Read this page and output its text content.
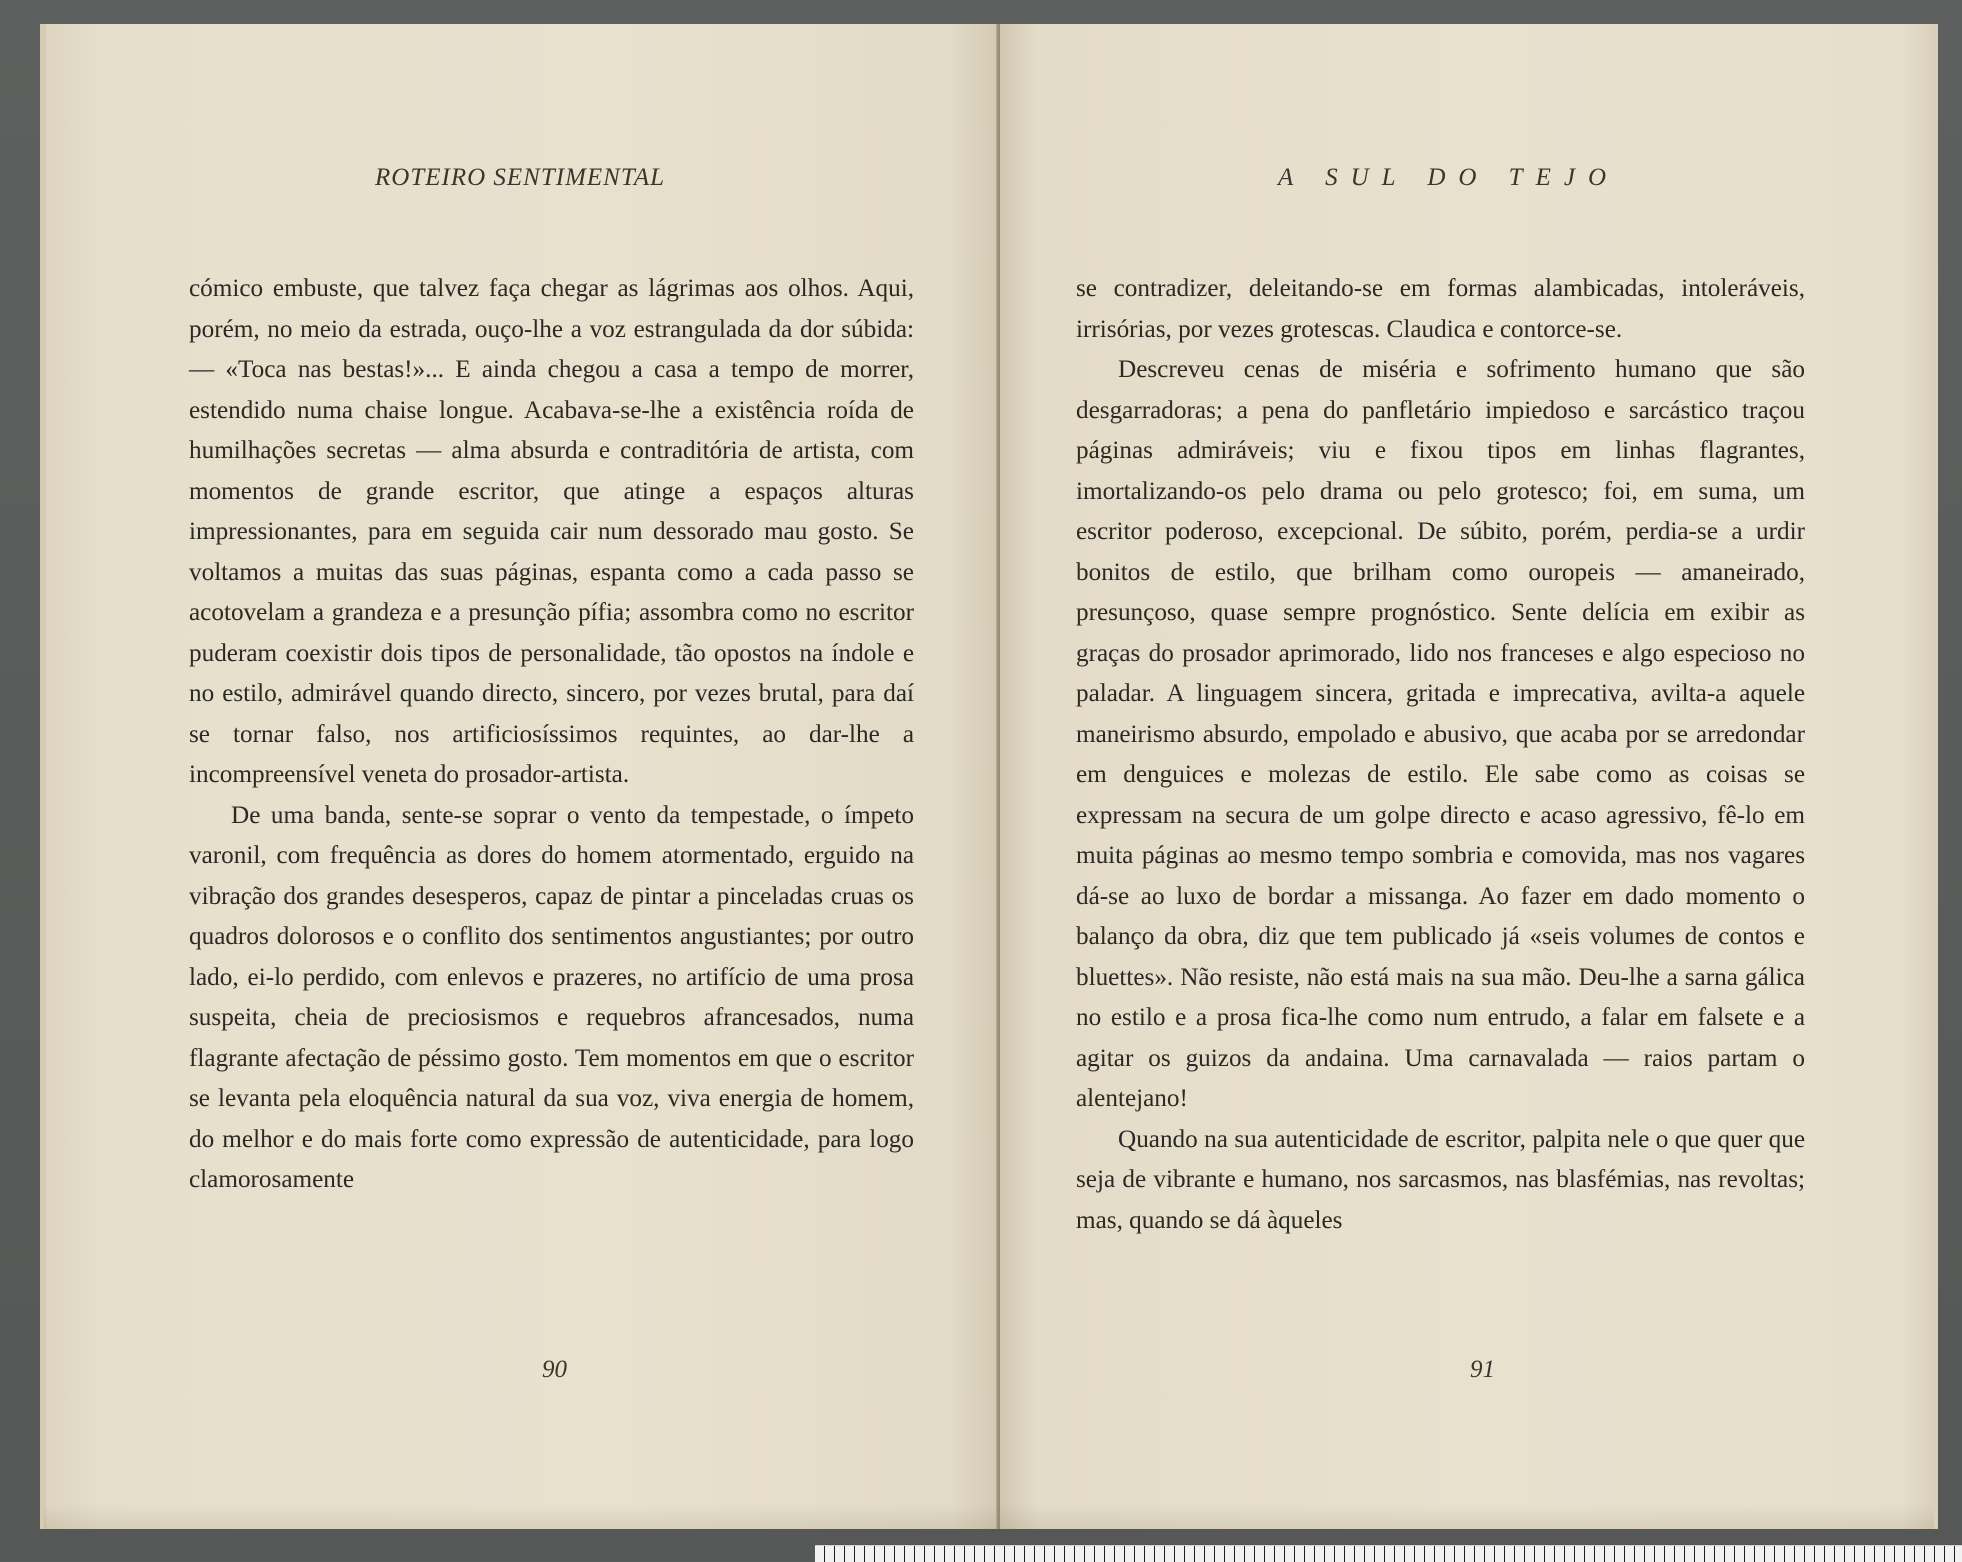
ROTEIRO SENTIMENTAL

cómico embuste, que talvez faça chegar as lágrimas aos olhos. Aqui, porém, no meio da estrada, ouço-lhe a voz estrangulada da dor súbida: — «Toca nas bestas!»... E ainda chegou a casa a tempo de morrer, estendido numa chaise longue. Acabava-se-lhe a existência roída de humilhações secretas — alma absurda e contraditória de artista, com momentos de grande escritor, que atinge a espaços alturas impressionantes, para em seguida cair num dessorado mau gosto. Se voltamos a muitas das suas páginas, espanta como a cada passo se acotovelam a grandeza e a presunção pífia; assombra como no escritor puderam coexistir dois tipos de personalidade, tão opostos na índole e no estilo, admirável quando directo, sincero, por vezes brutal, para daí se tornar falso, nos artificiosíssimos requintes, ao dar-lhe a incompreensível veneta do prosador-artista.

De uma banda, sente-se soprar o vento da tempestade, o ímpeto varonil, com frequência as dores do homem atormentado, erguido na vibração dos grandes desesperos, capaz de pintar a pinceladas cruas os quadros dolorosos e o conflito dos sentimentos angustiantes; por outro lado, ei-lo perdido, com enlevos e prazeres, no artifício de uma prosa suspeita, cheia de preciosismos e requebros afrancesados, numa flagrante afectação de péssimo gosto. Tem momentos em que o escritor se levanta pela eloquência natural da sua voz, viva energia de homem, do melhor e do mais forte como expressão de autenticidade, para logo clamorosamente

90
A SUL DO TEJO

se contradizer, deleitando-se em formas alambicadas, intoleráveis, irrisórias, por vezes grotescas. Claudica e contorce-se.

Descreveu cenas de miséria e sofrimento humano que são desgarradoras; a pena do panfletário impiedoso e sarcástico traçou páginas admiráveis; viu e fixou tipos em linhas flagrantes, imortalizando-os pelo drama ou pelo grotesco; foi, em suma, um escritor poderoso, excepcional. De súbito, porém, perdia-se a urdir bonitos de estilo, que brilham como ouropeis — amaneirado, presunçoso, quase sempre prognóstico. Sente delícia em exibir as graças do prosador aprimorado, lido nos franceses e algo especioso no paladar. A linguagem sincera, gritada e imprecativa, avilta-a aquele maneirismo absurdo, empolado e abusivo, que acaba por se arredondar em denguices e molezas de estilo. Ele sabe como as coisas se expressam na secura de um golpe directo e acaso agressivo, fê-lo em muita páginas ao mesmo tempo sombria e comovida, mas nos vagares dá-se ao luxo de bordar a missanga. Ao fazer em dado momento o balanço da obra, diz que tem publicado já «seis volumes de contos e bluettes». Não resiste, não está mais na sua mão. Deu-lhe a sarna gálica no estilo e a prosa fica-lhe como num entrudo, a falar em falsete e a agitar os guizos da andaina. Uma carnavalada — raios partam o alentejano!

Quando na sua autenticidade de escritor, palpita nele o que quer que seja de vibrante e humano, nos sarcasmos, nas blasfémias, nas revoltas; mas, quando se dá àqueles

91
